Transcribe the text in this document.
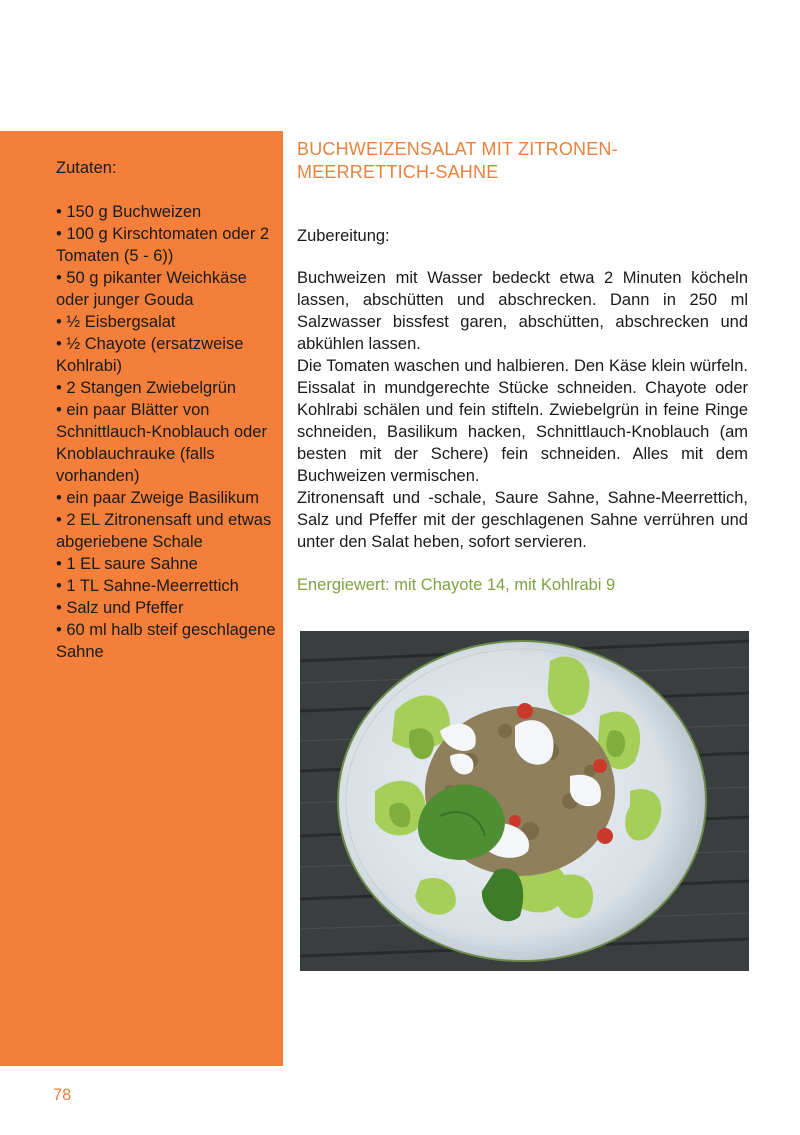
Zutaten:

• 150 g Buchweizen
• 100 g Kirschtomaten oder 2 Tomaten (5 - 6))
• 50 g pikanter Weichkäse oder junger Gouda
• ½ Eisbergsalat
• ½ Chayote (ersatzweise Kohlrabi)
• 2 Stangen Zwiebelgrün
• ein paar Blätter von Schnittlauch-Knoblauch oder Knoblauchrauke (falls vorhanden)
• ein paar Zweige Basilikum
• 2 EL Zitronensaft und etwas abgeriebene Schale
• 1 EL saure Sahne
• 1 TL Sahne-Meerrettich
• Salz und Pfeffer
• 60 ml halb steif geschlagene Sahne
BUCHWEIZENSALAT MIT ZITRONEN-MEERRETTICH-SAHNE

Zubereitung:

Buchweizen mit Wasser bedeckt etwa 2 Minuten köcheln lassen, abschütten und abschrecken. Dann in 250 ml Salzwasser bissfest garen, abschütten, abschrecken und abkühlen lassen.

Die Tomaten waschen und halbieren. Den Käse klein würfeln. Eissalat in mundgerechte Stücke schneiden. Chayote oder Kohlrabi schälen und fein stifteln. Zwiebelgrün in feine Ringe schneiden, Basilikum hacken, Schnittlauch-Knoblauch (am besten mit der Schere) fein schneiden. Alles mit dem Buchweizen vermischen.

Zitronensaft und -schale, Saure Sahne, Sahne-Meerrettich, Salz und Pfeffer mit der geschlagenen Sahne verrühren und unter den Salat heben, sofort servieren.

Energiewert: mit Chayote 14, mit Kohlrabi 9

78
